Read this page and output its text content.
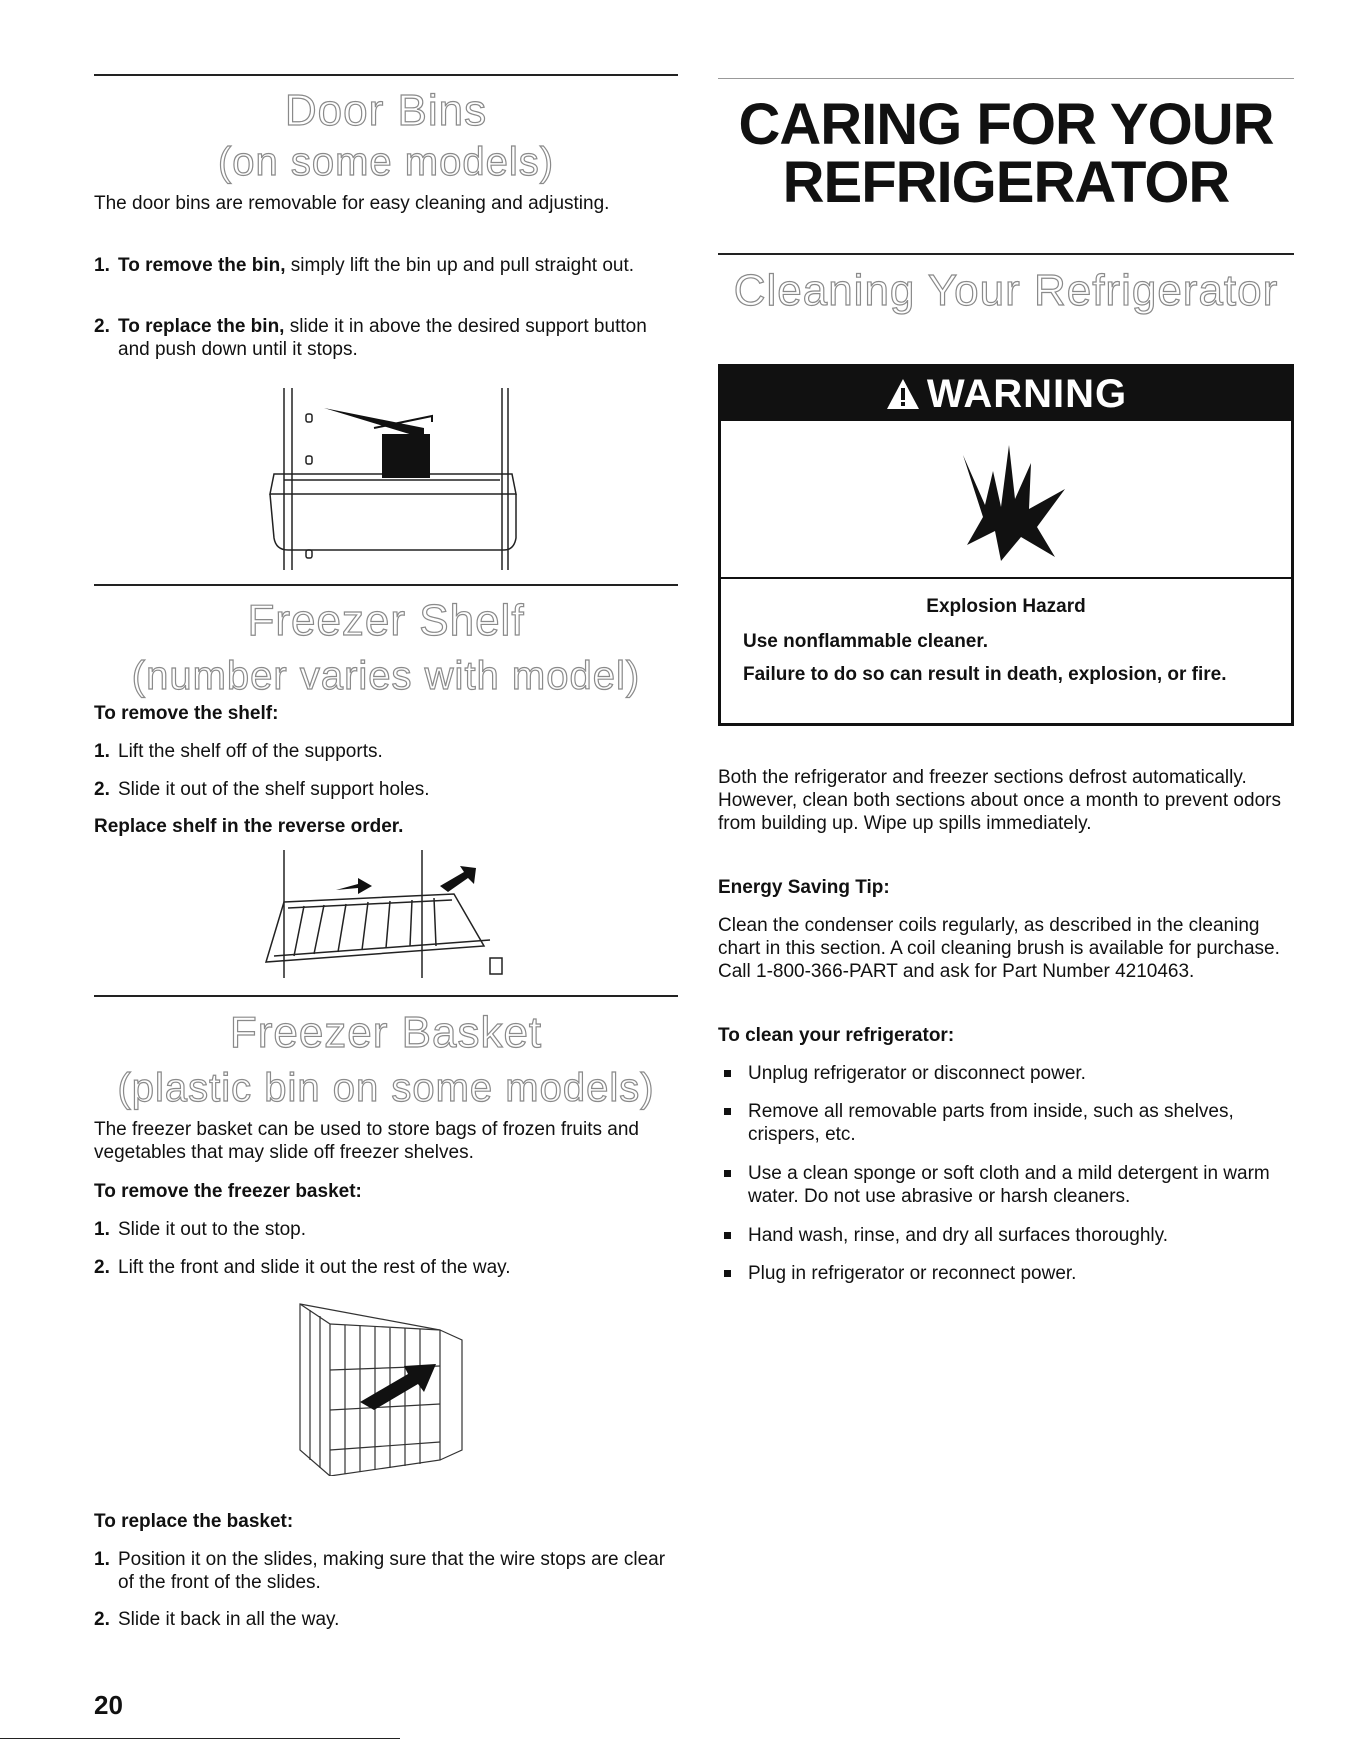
Door Bins
(on some models)

The door bins are removable for easy cleaning and adjusting.

1. To remove the bin, simply lift the bin up and pull straight out.
2. To replace the bin, slide it in above the desired support button and push down until it stops.
Freezer Shelf
(number varies with model)

To remove the shelf:

1. Lift the shelf off of the supports.
2. Slide it out of the shelf support holes.

Replace shelf in the reverse order.

Freezer Basket
(plastic bin on some models)

The freezer basket can be used to store bags of frozen fruits and vegetables that may slide off freezer shelves.

To remove the freezer basket:

1. Slide it out to the stop.
2. Lift the front and slide it out the rest of the way.

To replace the basket:

1. Position it on the slides, making sure that the wire stops are clear of the front of the slides.
2. Slide it back in all the way.
20
CARING FOR YOUR
REFRIGERATOR
Cleaning Your Refrigerator
WARNING
Explosion Hazard
Use nonflammable cleaner.
Failure to do so can result in death, explosion, or fire.

Both the refrigerator and freezer sections defrost automatically. However, clean both sections about once a month to prevent odors from building up. Wipe up spills immediately.

Energy Saving Tip:

Clean the condenser coils regularly, as described in the cleaning chart in this section. A coil cleaning brush is available for purchase. Call 1-800-366-PART and ask for Part Number 4210463.

To clean your refrigerator:

Unplug refrigerator or disconnect power.
Remove all removable parts from inside, such as shelves, crispers, etc.
Use a clean sponge or soft cloth and a mild detergent in warm water. Do not use abrasive or harsh cleaners.
Hand wash, rinse, and dry all surfaces thoroughly.
Plug in refrigerator or reconnect power.
